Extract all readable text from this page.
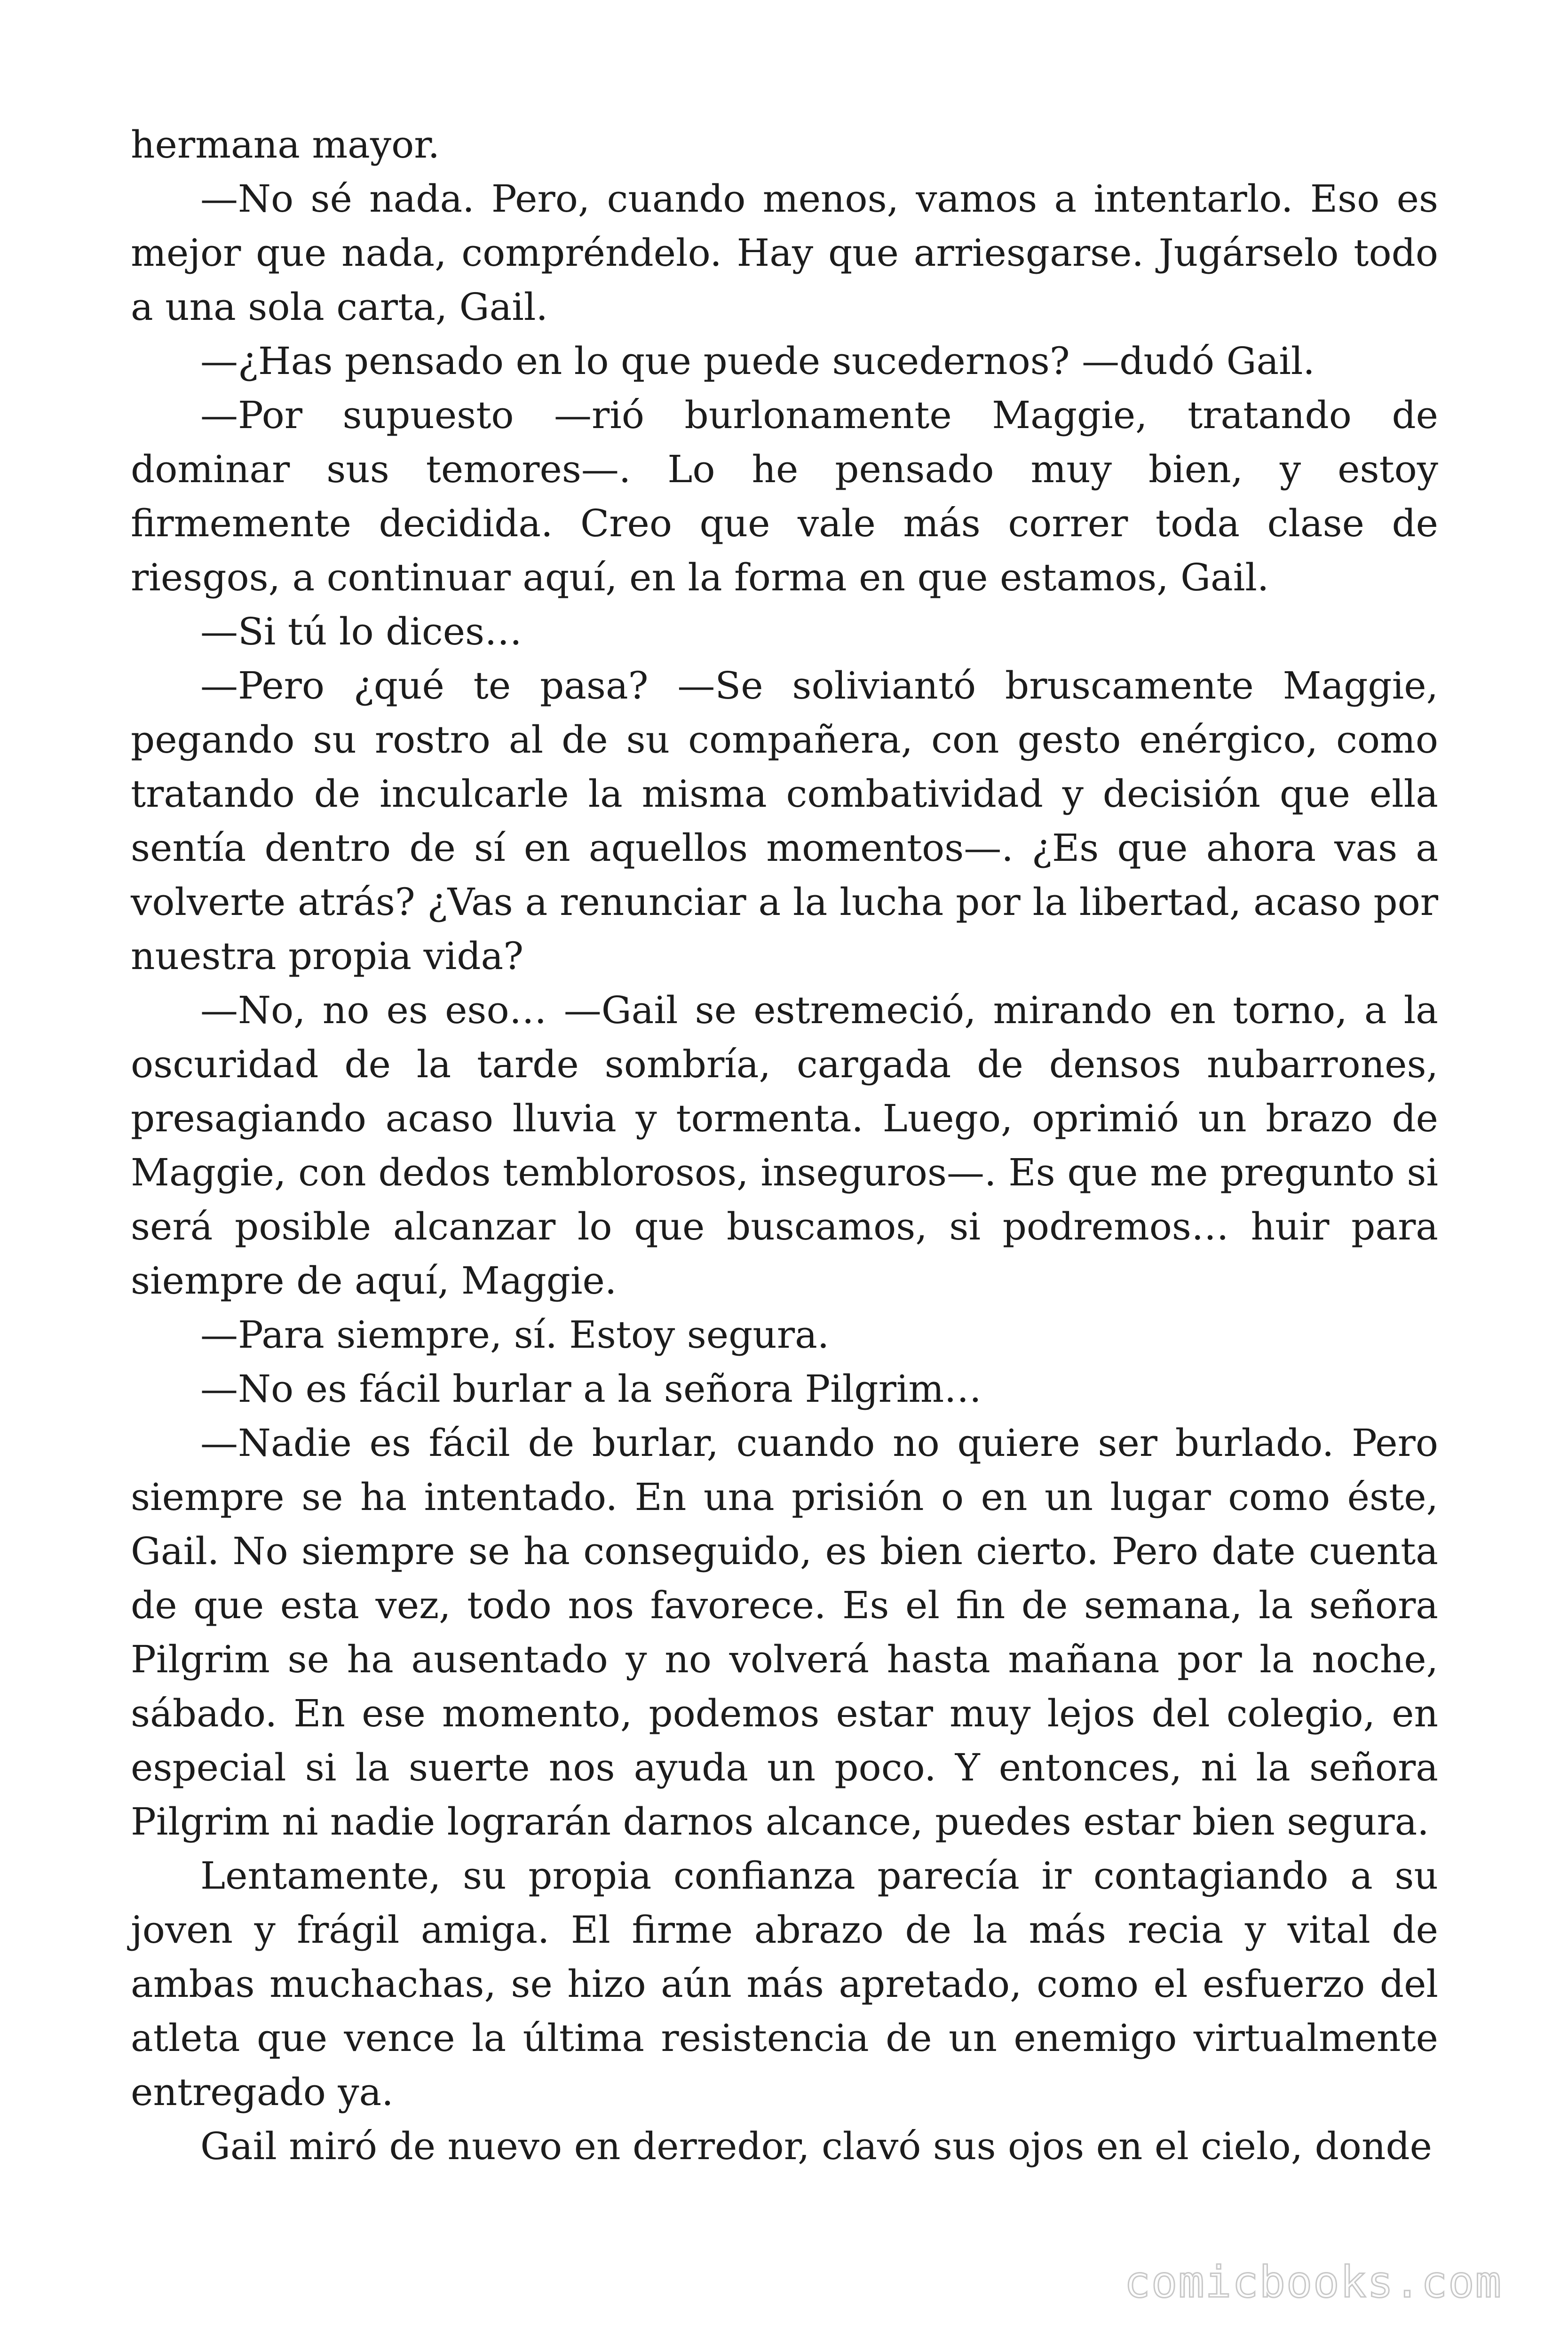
hermana mayor.

—No sé nada. Pero, cuando menos, vamos a intentarlo. Eso es mejor que nada, compréndelo. Hay que arriesgarse. Jugárselo todo a una sola carta, Gail.

—¿Has pensado en lo que puede sucedernos? —dudó Gail.

—Por supuesto —rió burlonamente Maggie, tratando de dominar sus temores—. Lo he pensado muy bien, y estoy firmemente decidida. Creo que vale más correr toda clase de riesgos, a continuar aquí, en la forma en que estamos, Gail.

—Si tú lo dices…

—Pero ¿qué te pasa? —Se soliviantó bruscamente Maggie, pegando su rostro al de su compañera, con gesto enérgico, como tratando de inculcarle la misma combatividad y decisión que ella sentía dentro de sí en aquellos momentos—. ¿Es que ahora vas a volverte atrás? ¿Vas a renunciar a la lucha por la libertad, acaso por nuestra propia vida?

—No, no es eso… —Gail se estremeció, mirando en torno, a la oscuridad de la tarde sombría, cargada de densos nubarrones, presagiando acaso lluvia y tormenta. Luego, oprimió un brazo de Maggie, con dedos temblorosos, inseguros—. Es que me pregunto si será posible alcanzar lo que buscamos, si podremos… huir para siempre de aquí, Maggie.

—Para siempre, sí. Estoy segura.

—No es fácil burlar a la señora Pilgrim…

—Nadie es fácil de burlar, cuando no quiere ser burlado. Pero siempre se ha intentado. En una prisión o en un lugar como éste, Gail. No siempre se ha conseguido, es bien cierto. Pero date cuenta de que esta vez, todo nos favorece. Es el fin de semana, la señora Pilgrim se ha ausentado y no volverá hasta mañana por la noche, sábado. En ese momento, podemos estar muy lejos del colegio, en especial si la suerte nos ayuda un poco. Y entonces, ni la señora Pilgrim ni nadie lograrán darnos alcance, puedes estar bien segura.

Lentamente, su propia confianza parecía ir contagiando a su joven y frágil amiga. El firme abrazo de la más recia y vital de ambas muchachas, se hizo aún más apretado, como el esfuerzo del atleta que vence la última resistencia de un enemigo virtualmente entregado ya.

Gail miró de nuevo en derredor, clavó sus ojos en el cielo, donde

comicbooks.com
